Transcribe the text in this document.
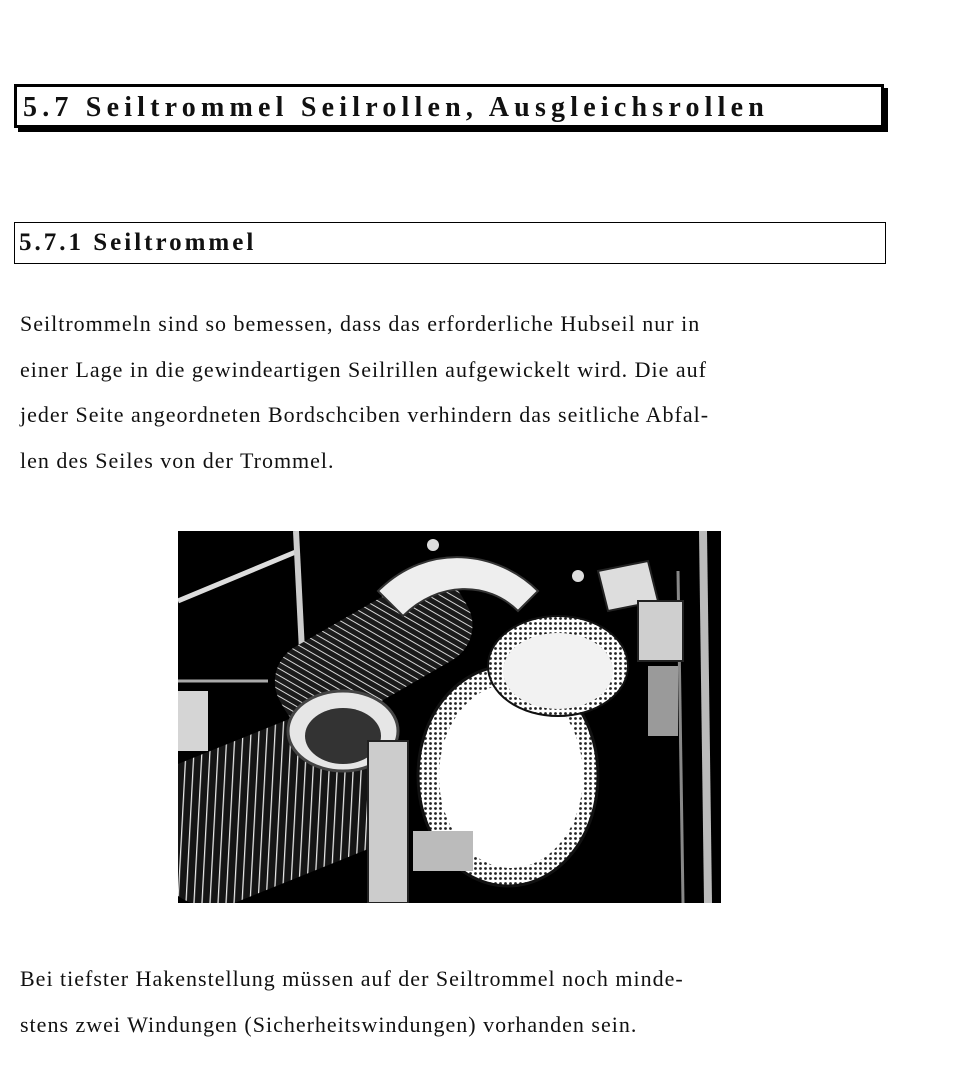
5.7 Seiltrommel Seilrollen, Ausgleichsrollen
5.7.1 Seiltrommel

Seiltrommeln sind so bemessen, dass das erforderliche Hubseil nur in
einer Lage in die gewindeartigen Seilrillen aufgewickelt wird. Die auf
jeder Seite angeordneten Bordschciben verhindern das seitliche Abfal-
len des Seiles von der Trommel.

Bei tiefster Hakenstellung müssen auf der Seiltrommel noch minde-
stens zwei Windungen (Sicherheitswindungen) vorhanden sein.
